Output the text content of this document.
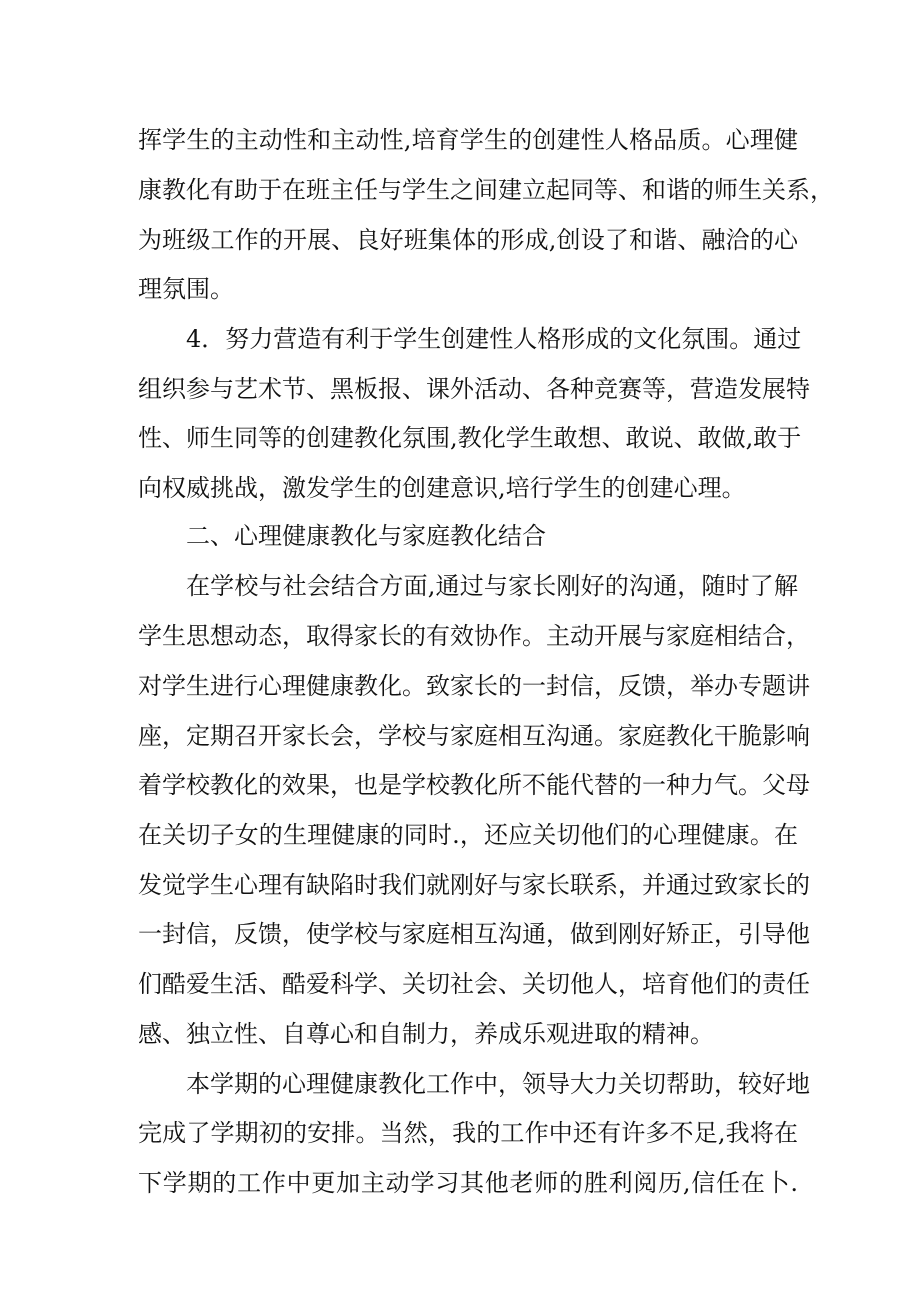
挥学生的主动性和主动性,培育学生的创建性人格品质。心理健
康教化有助于在班主任与学生之间建立起同等、和谐的师生关系，
为班级工作的开展、良好班集体的形成,创设了和谐、融洽的心
理氛围。
4．努力营造有利于学生创建性人格形成的文化氛围。通过
组织参与艺术节、黑板报、课外活动、各种竞赛等，营造发展特
性、师生同等的创建教化氛围,教化学生敢想、敢说、敢做,敢于
向权威挑战，激发学生的创建意识,培行学生的创建心理。
二、心理健康教化与家庭教化结合
在学校与社会结合方面,通过与家长刚好的沟通，随时了解
学生思想动态，取得家长的有效协作。主动开展与家庭相结合，
对学生进行心理健康教化。致家长的一封信，反馈，举办专题讲
座，定期召开家长会，学校与家庭相互沟通。家庭教化干脆影响
着学校教化的效果，也是学校教化所不能代替的一种力气。父母
在关切子女的生理健康的同时.，还应关切他们的心理健康。在
发觉学生心理有缺陷时我们就刚好与家长联系，并通过致家长的
一封信，反馈，使学校与家庭相互沟通，做到刚好矫正，引导他
们酷爱生活、酷爱科学、关切社会、关切他人，培育他们的责任
感、独立性、自尊心和自制力，养成乐观进取的精神。
本学期的心理健康教化工作中，领导大力关切帮助，较好地
完成了学期初的安排。当然，我的工作中还有许多不足,我将在
下学期的工作中更加主动学习其他老师的胜利阅历,信任在卜.
